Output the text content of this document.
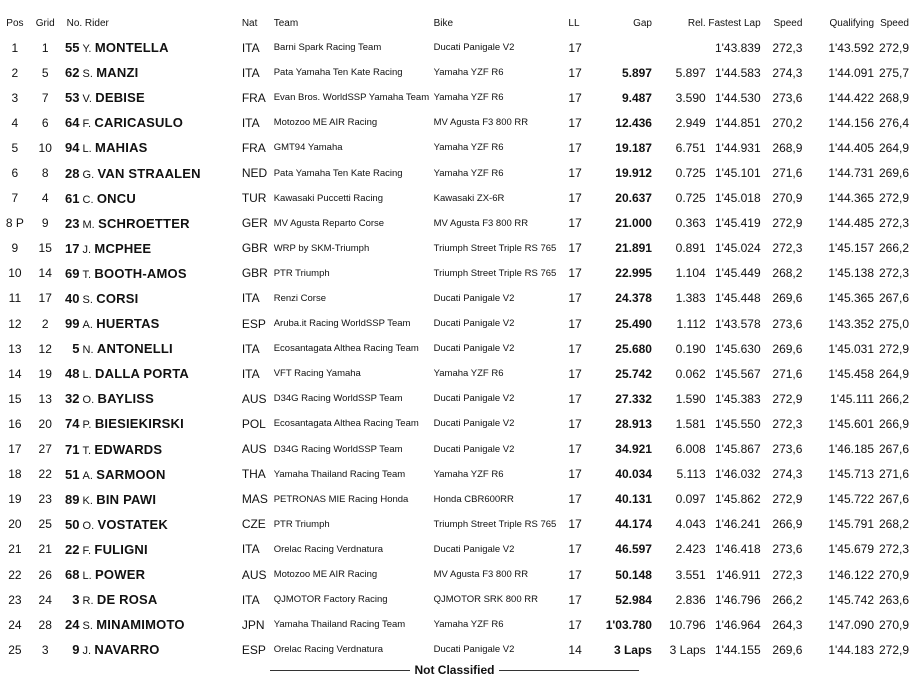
Pos	Grid	No. Rider		Nat	Team	Bike	LL	Gap	Rel.	Fastest Lap	Speed	Qualifying	Speed
1	1	55	Y. MONTELLA	ITA	Barni Spark Racing Team	Ducati Panigale V2	17			1'43.839	272,3	1'43.592	272,9
2	5	62	S. MANZI	ITA	Pata Yamaha Ten Kate Racing	Yamaha YZF R6	17	5.897	5.897	1'44.583	274,3	1'44.091	275,7
3	7	53	V. DEBISE	FRA	Evan Bros. WorldSSP Yamaha Team	Yamaha YZF R6	17	9.487	3.590	1'44.530	273,6	1'44.422	268,9
4	6	64	F. CARICASULO	ITA	Motozoo ME AIR Racing	MV Agusta F3 800 RR	17	12.436	2.949	1'44.851	270,2	1'44.156	276,4
5	10	94	L. MAHIAS	FRA	GMT94 Yamaha	Yamaha YZF R6	17	19.187	6.751	1'44.931	268,9	1'44.405	264,9
6	8	28	G. VAN STRAALEN	NED	Pata Yamaha Ten Kate Racing	Yamaha YZF R6	17	19.912	0.725	1'45.101	271,6	1'44.731	269,6
7	4	61	C. ONCU	TUR	Kawasaki Puccetti Racing	Kawasaki ZX-6R	17	20.637	0.725	1'45.018	270,9	1'44.365	272,9
8 P	9	23	M. SCHROETTER	GER	MV Agusta Reparto Corse	MV Agusta F3 800 RR	17	21.000	0.363	1'45.419	272,9	1'44.485	272,3
9	15	17	J. MCPHEE	GBR	WRP by SKM-Triumph	Triumph Street Triple RS 765	17	21.891	0.891	1'45.024	272,3	1'45.157	266,2
10	14	69	T. BOOTH-AMOS	GBR	PTR Triumph	Triumph Street Triple RS 765	17	22.995	1.104	1'45.449	268,2	1'45.138	272,3
11	17	40	S. CORSI	ITA	Renzi Corse	Ducati Panigale V2	17	24.378	1.383	1'45.448	269,6	1'45.365	267,6
12	2	99	A. HUERTAS	ESP	Aruba.it Racing WorldSSP Team	Ducati Panigale V2	17	25.490	1.112	1'43.578	273,6	1'43.352	275,0
13	12	5	N. ANTONELLI	ITA	Ecosantagata Althea Racing Team	Ducati Panigale V2	17	25.680	0.190	1'45.630	269,6	1'45.031	272,9
14	19	48	L. DALLA PORTA	ITA	VFT Racing Yamaha	Yamaha YZF R6	17	25.742	0.062	1'45.567	271,6	1'45.458	264,9
15	13	32	O. BAYLISS	AUS	D34G Racing WorldSSP Team	Ducati Panigale V2	17	27.332	1.590	1'45.383	272,9	1'45.111	266,2
16	20	74	P. BIESIEKIRSKI	POL	Ecosantagata Althea Racing Team	Ducati Panigale V2	17	28.913	1.581	1'45.550	272,3	1'45.601	266,9
17	27	71	T. EDWARDS	AUS	D34G Racing WorldSSP Team	Ducati Panigale V2	17	34.921	6.008	1'45.867	273,6	1'46.185	267,6
18	22	51	A. SARMOON	THA	Yamaha Thailand Racing Team	Yamaha YZF R6	17	40.034	5.113	1'46.032	274,3	1'45.713	271,6
19	23	89	K. BIN PAWI	MAS	PETRONAS MIE Racing Honda	Honda CBR600RR	17	40.131	0.097	1'45.862	272,9	1'45.722	267,6
20	25	50	O. VOSTATEK	CZE	PTR Triumph	Triumph Street Triple RS 765	17	44.174	4.043	1'46.241	266,9	1'45.791	268,2
21	21	22	F. FULIGNI	ITA	Orelac Racing Verdnatura	Ducati Panigale V2	17	46.597	2.423	1'46.418	273,6	1'45.679	272,3
22	26	68	L. POWER	AUS	Motozoo ME AIR Racing	MV Agusta F3 800 RR	17	50.148	3.551	1'46.911	272,3	1'46.122	270,9
23	24	3	R. DE ROSA	ITA	QJMOTOR Factory Racing	QJMOTOR SRK 800 RR	17	52.984	2.836	1'46.796	266,2	1'45.742	263,6
24	28	24	S. MINAMIMOTO	JPN	Yamaha Thailand Racing Team	Yamaha YZF R6	17	1'03.780	10.796	1'46.964	264,3	1'47.090	270,9
25	3	9	J. NAVARRO	ESP	Orelac Racing Verdnatura	Ducati Panigale V2	14	3 Laps	3 Laps	1'44.155	269,6	1'44.183	272,9
Not Classified
